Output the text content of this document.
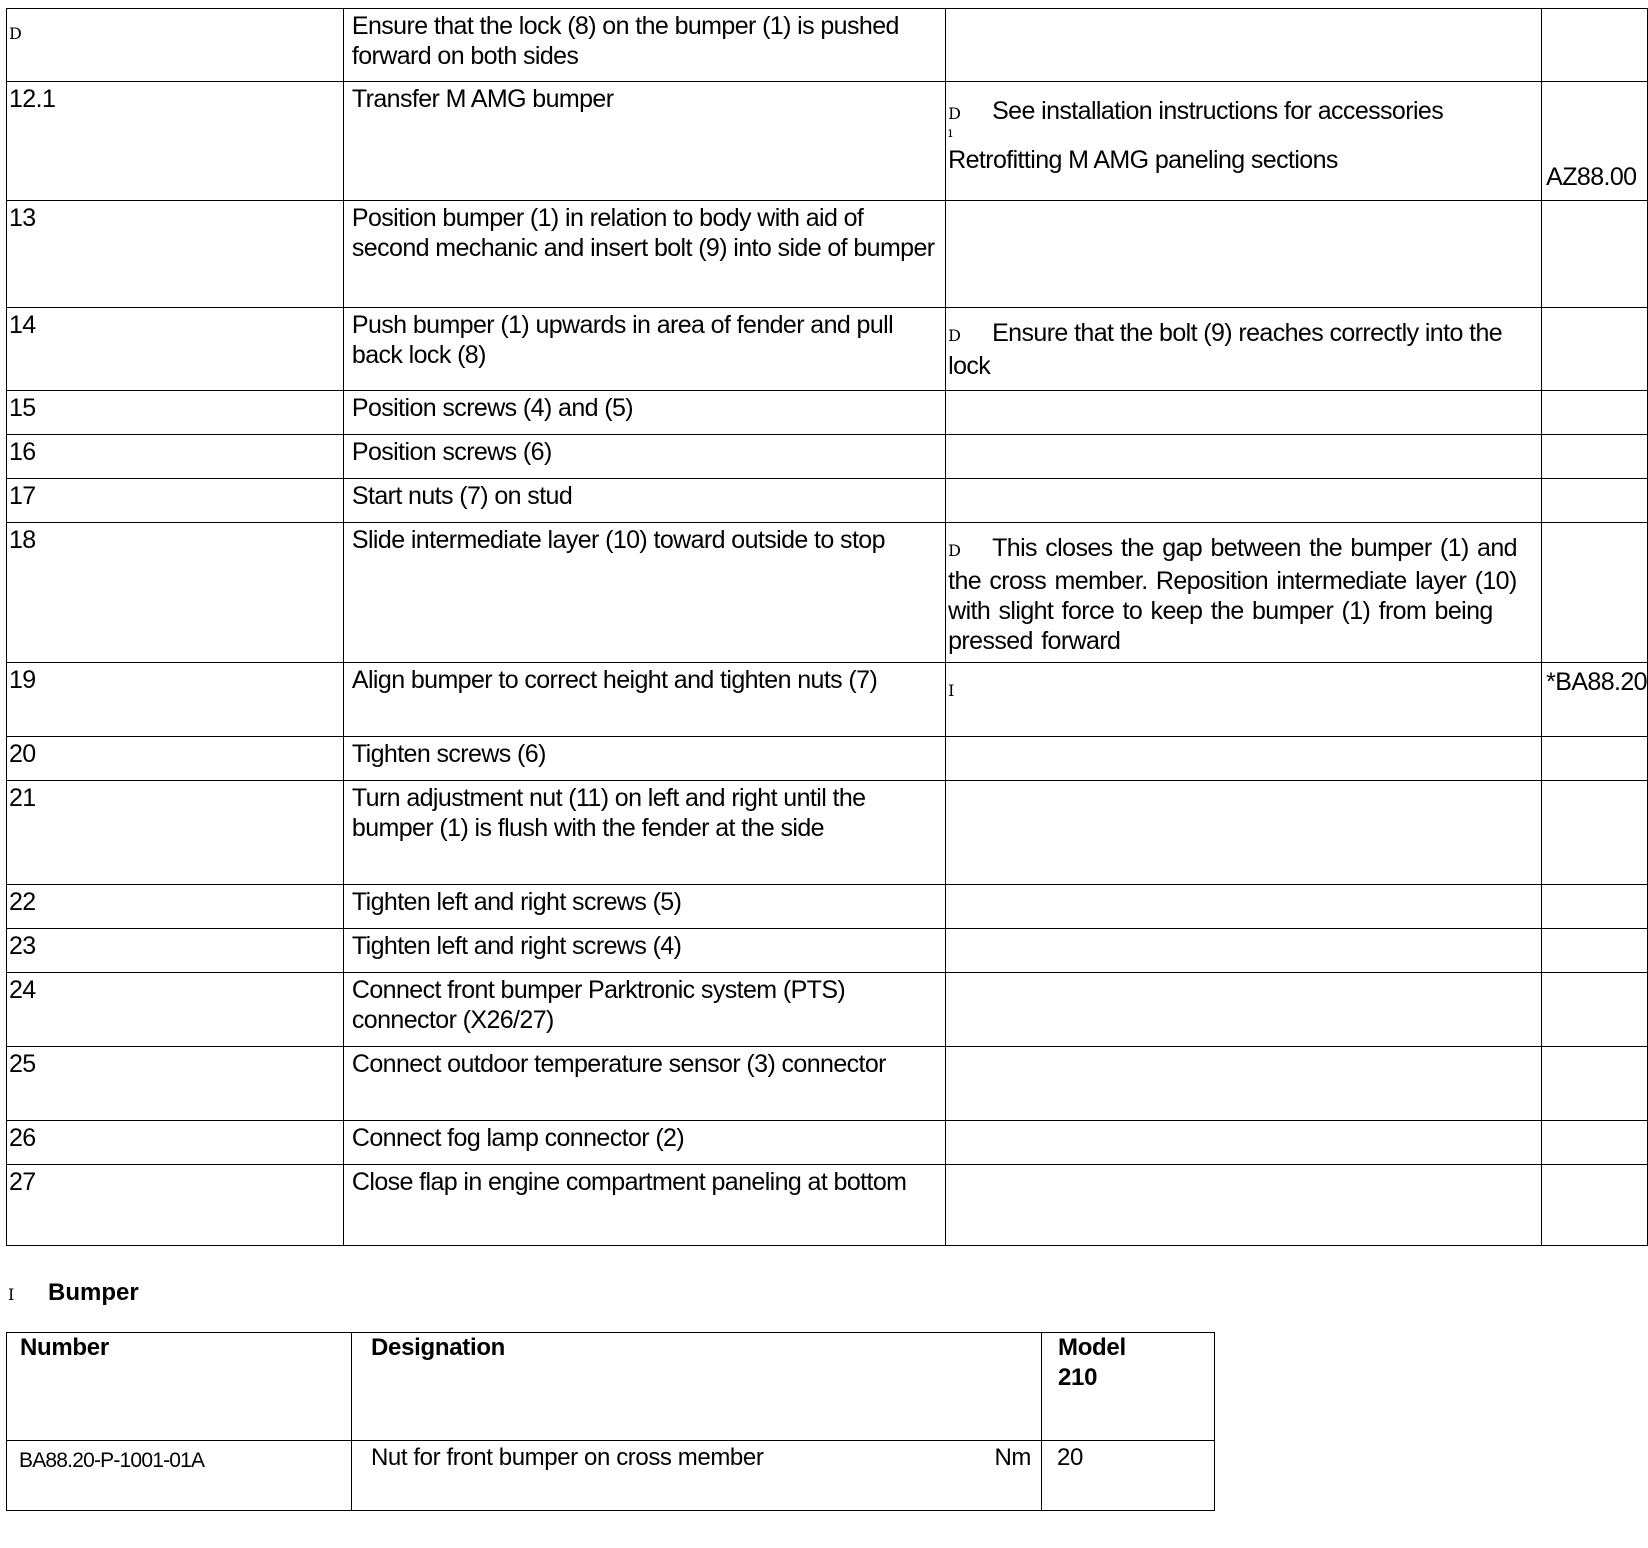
D	Ensure that the lock (8) on the bumper (1) is pushed forward on both sides		
12.1	Transfer M AMG bumper	D See installation instructions for accessories
ı
Retrofitting M AMG paneling sections	AZ88.00
13	Position bumper (1) in relation to body with aid of second mechanic and insert bolt (9) into side of bumper		
14	Push bumper (1) upwards in area of fender and pull back lock (8)	D Ensure that the bolt (9) reaches correctly into the lock	

15	Position screws (4) and (5)		
16	Position screws (6)		
17	Start nuts (7) on stud		
18	Slide intermediate layer (10) toward outside to stop	D This closes the gap between the bumper (1) and the cross member. Reposition intermediate layer (10) with slight force to keep the bumper (1) from being pressed forward	

19	Align bumper to correct height and tighten nuts (7)	I	*BA88.20
20	Tighten screws (6)		
21	Turn adjustment nut (11) on left and right until the bumper (1) is flush with the fender at the side		
22	Tighten left and right screws (5)		
23	Tighten left and right screws (4)		
24	Connect front bumper Parktronic system (PTS) connector (X26/27)		
25	Connect outdoor temperature sensor (3) connector		
26	Connect fog lamp connector (2)		
27	Close flap in engine compartment paneling at bottom		
I Bumper
Number	Designation	Model
210
BA88.20-P-1001-01A	Nut for front bumper on cross member Nm	20
